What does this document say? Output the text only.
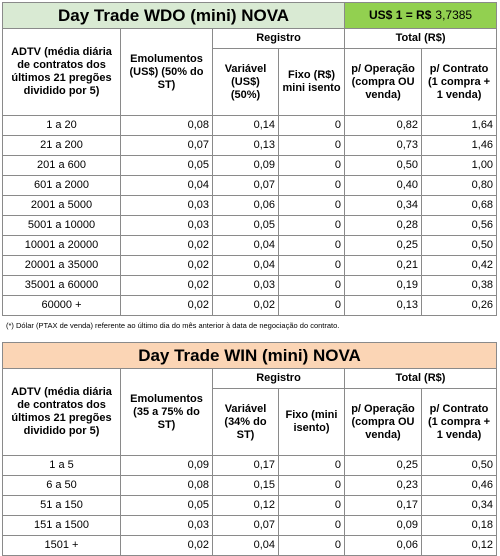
Day Trade WDO (mini) NOVA				US$ 1 = R$ 3,7385	
ADTV (média diária de contratos dos últimos 21 pregões dividido por 5)	Emolumentos (US$) (50% do ST)	Registro		Total (R$)	
		Variável (US$) (50%)	Fixo (R$) mini isento	p/ Operação (compra OU venda)	p/ Contrato (1 compra + 1 venda)
1 a 20	0,08	0,14	0	0,82	1,64
21 a 200	0,07	0,13	0	0,73	1,46
201 a 600	0,05	0,09	0	0,50	1,00
601 a 2000	0,04	0,07	0	0,40	0,80
2001 a 5000	0,03	0,06	0	0,34	0,68
5001 a 10000	0,03	0,05	0	0,28	0,56
10001 a 20000	0,02	0,04	0	0,25	0,50
20001 a 35000	0,02	0,04	0	0,21	0,42
35001 a 60000	0,02	0,03	0	0,19	0,38
60000 +	0,02	0,02	0	0,13	0,26
(*) Dólar (PTAX de venda) referente ao último dia do mês anterior à data de negociação do contrato.
Day Trade WIN (mini) NOVA					
ADTV (média diária de contratos dos últimos 21 pregões dividido por 5)	Emolumentos (35 a 75% do ST)	Registro		Total (R$)	
		Variável (34% do ST)	Fixo (mini isento)	p/ Operação (compra OU venda)	p/ Contrato (1 compra + 1 venda)
1 a 5	0,09	0,17	0	0,25	0,50
6 a 50	0,08	0,15	0	0,23	0,46
51 a 150	0,05	0,12	0	0,17	0,34
151 a 1500	0,03	0,07	0	0,09	0,18
1501 +	0,02	0,04	0	0,06	0,12
